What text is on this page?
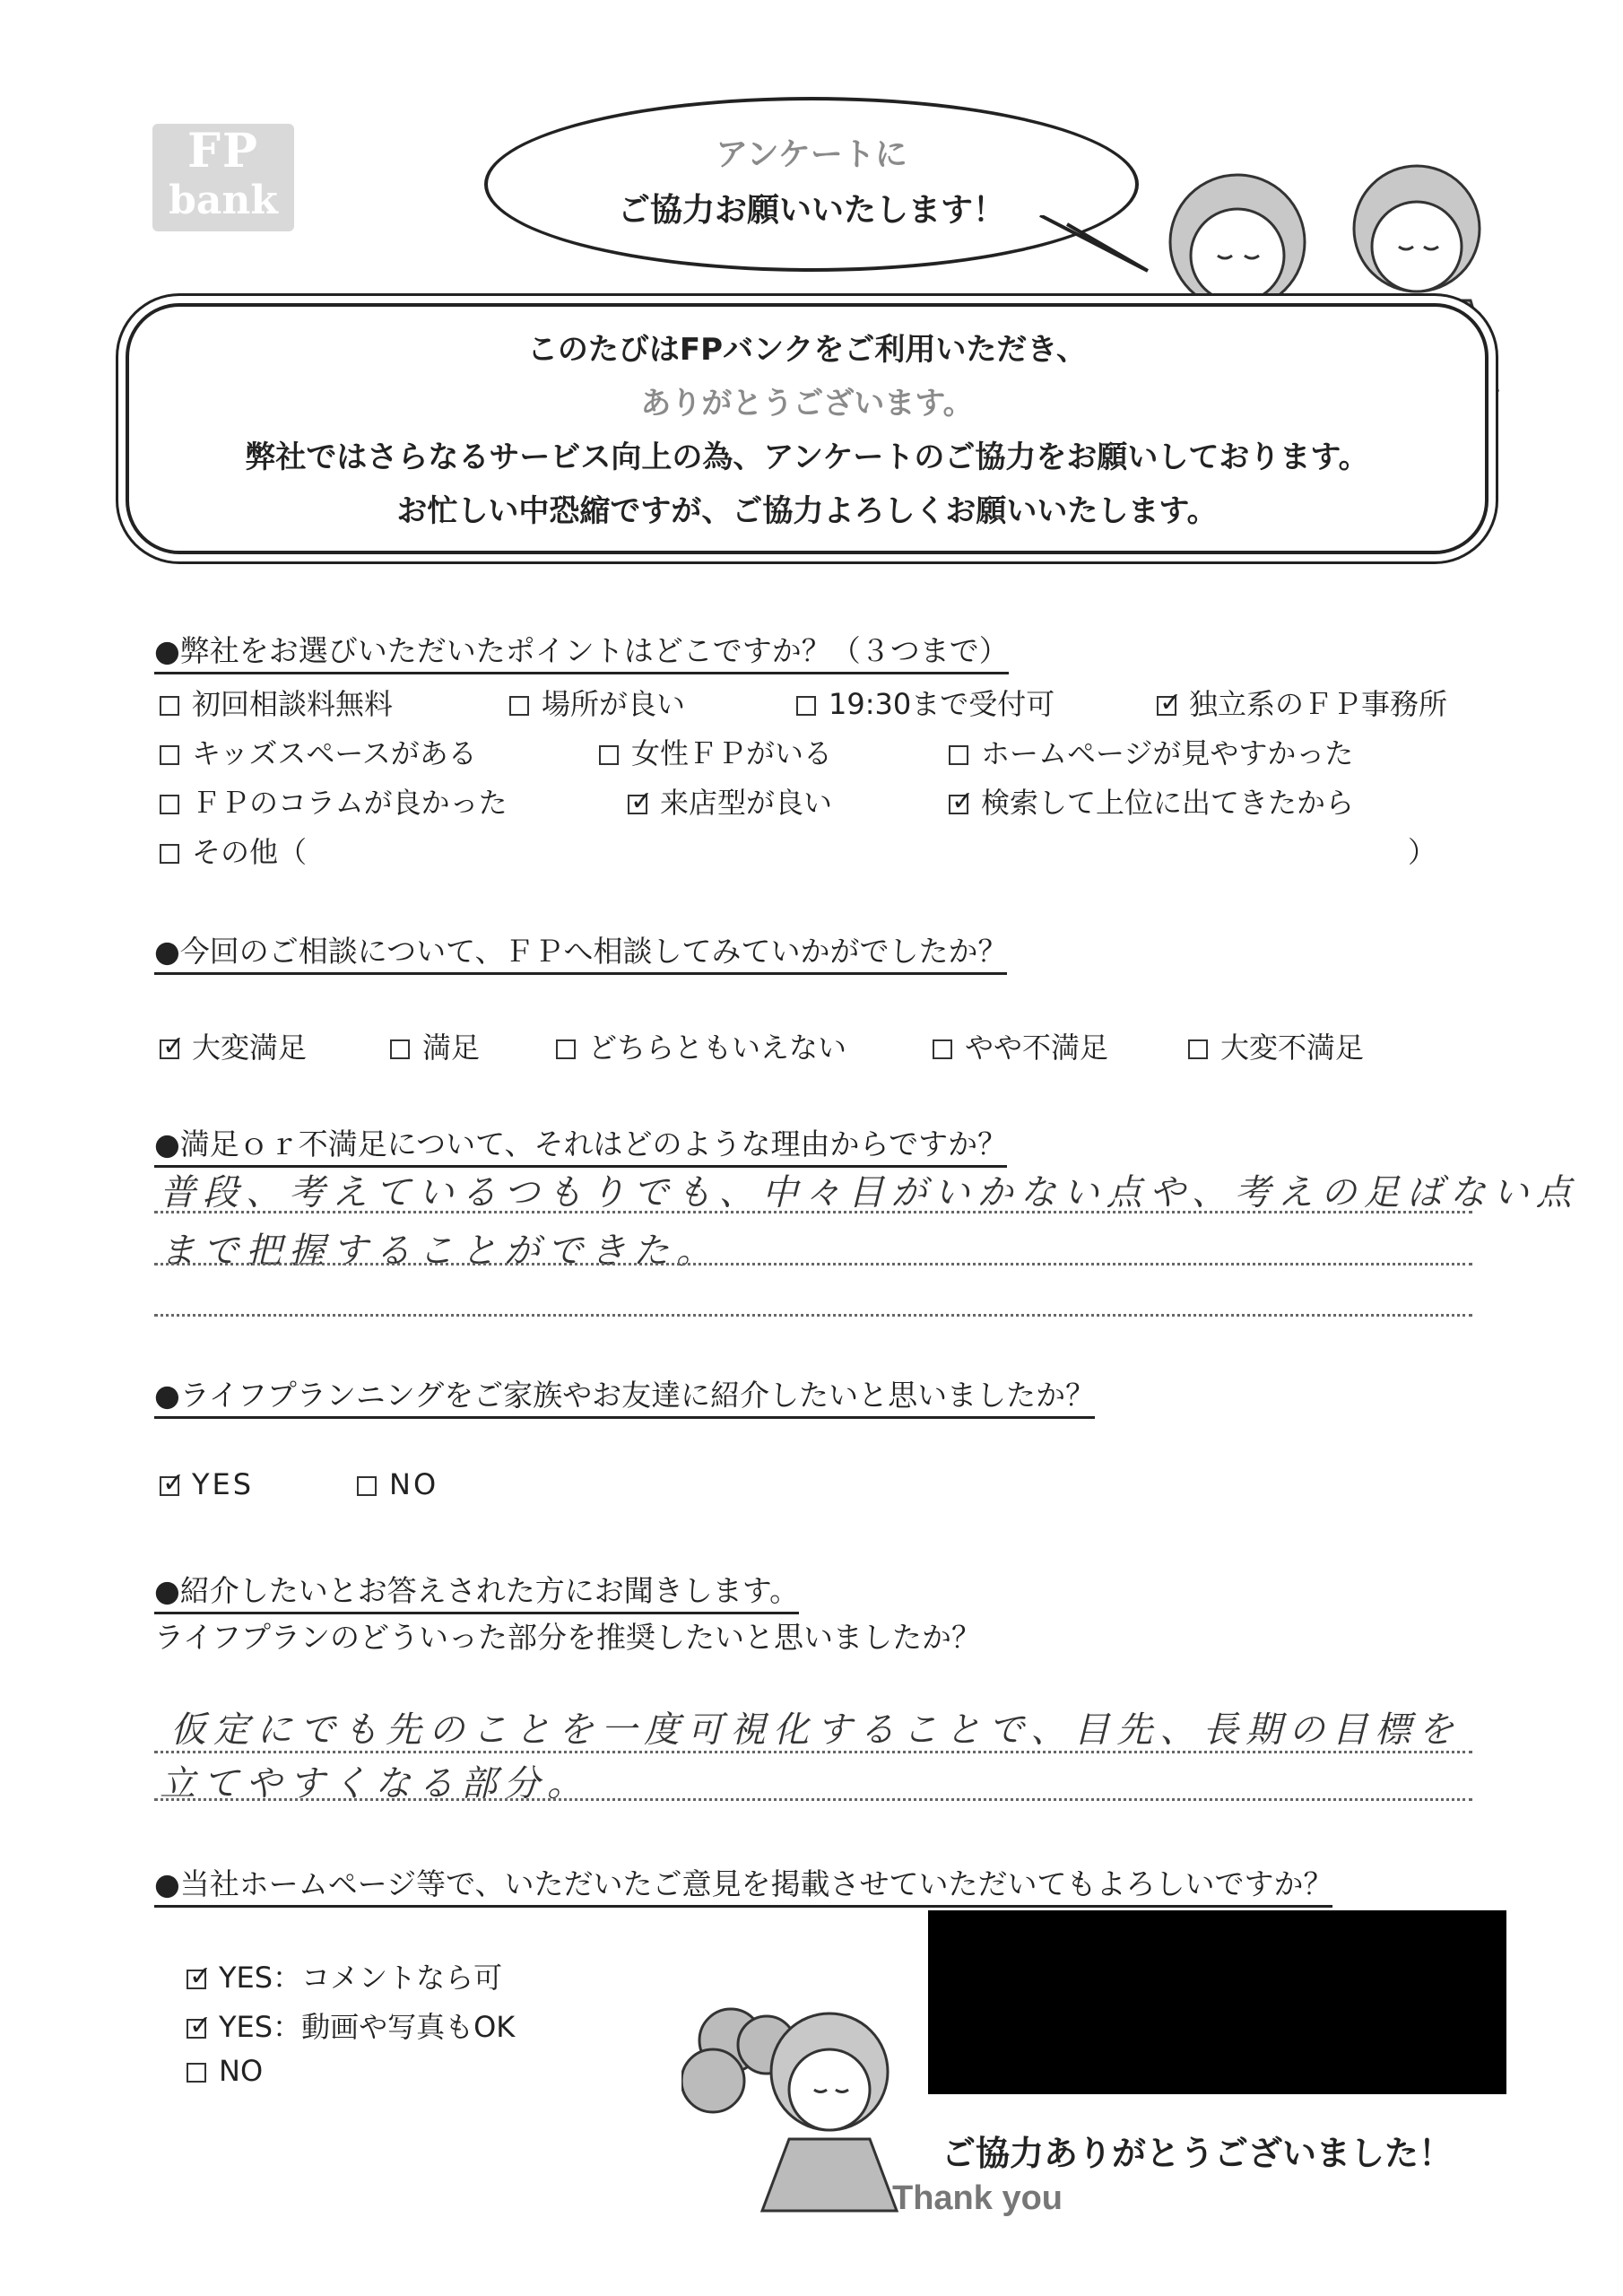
FP
bank
アンケートに
ご協力お願いいたします！
このたびはFPバンクをご利用いただき、
ありがとうございます。
弊社ではさらなるサービス向上の為、アンケートのご協力をお願いしております。
お忙しい中恐縮ですが、ご協力よろしくお願いいたします。
●弊社をお選びいただいたポイントはどこですか？（３つまで）
初回相談料無料	場所が良い	19:30まで受付可 ✓	独立系のＦＰ事務所
キッズスペースがある	女性ＦＰがいる	ホームページが見やすかった
ＦＰのコラムが良かった ✓	来店型が良い ✓	検索して上位に出てきたから
その他（	）
●今回のご相談について、ＦＰへ相談してみていかがでしたか？
✓大変満足	満足	どちらともいえない	やや不満足	大変不満足
●満足ｏｒ不満足について、それはどのような理由からですか？
普段、考えているつもりでも、中々目がいかない点や、考えの足ばない点
まで把握することができた。
●ライフプランニングをご家族やお友達に紹介したいと思いましたか？
✓YES	NO
●紹介したいとお答えされた方にお聞きします。
ライフプランのどういった部分を推奨したいと思いましたか？
仮定にでも先のことを一度可視化することで、目先、長期の目標を
立てやすくなる部分。
●当社ホームページ等で、いただいたご意見を掲載させていただいてもよろしいですか？
✓YES：コメントなら可
✓YES：動画や写真もOK
NO
ご協力ありがとうございました！
Thank you
